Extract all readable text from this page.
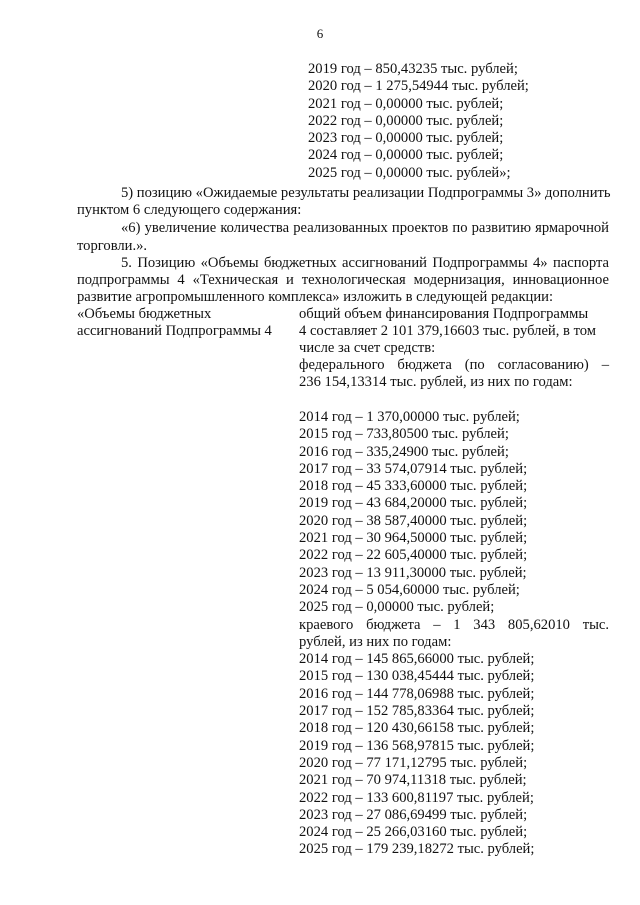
6
2019 год – 850,43235 тыс. рублей;
2020 год – 1 275,54944 тыс. рублей;
2021 год – 0,00000 тыс. рублей;
2022 год – 0,00000 тыс. рублей;
2023 год – 0,00000 тыс. рублей;
2024 год – 0,00000 тыс. рублей;
2025 год – 0,00000 тыс. рублей»;
5) позицию «Ожидаемые результаты реализации Подпрограммы 3» дополнить
пунктом 6 следующего содержания:
«6) увеличение количества реализованных проектов по развитию ярмарочной
торговли.».
5. Позицию «Объемы бюджетных ассигнований Подпрограммы 4» паспорта
подпрограммы 4 «Техническая и технологическая модернизация, инновационное
развитие агропромышленного комплекса» изложить в следующей редакции:
«Объемы бюджетных
ассигнований Подпрограммы 4
общий объем финансирования Подпрограммы
4 составляет 2 101 379,16603 тыс. рублей, в том
числе за счет средств:
федерального бюджета (по согласованию) –
236 154,13314 тыс. рублей, из них по годам:
2014 год – 1 370,00000 тыс. рублей;
2015 год – 733,80500 тыс. рублей;
2016 год – 335,24900 тыс. рублей;
2017 год – 33 574,07914 тыс. рублей;
2018 год – 45 333,60000 тыс. рублей;
2019 год – 43 684,20000 тыс. рублей;
2020 год – 38 587,40000 тыс. рублей;
2021 год – 30 964,50000 тыс. рублей;
2022 год – 22 605,40000 тыс. рублей;
2023 год – 13 911,30000 тыс. рублей;
2024 год – 5 054,60000 тыс. рублей;
2025 год – 0,00000 тыс. рублей;
краевого бюджета – 1 343 805,62010 тыс.
рублей, из них по годам:
2014 год – 145 865,66000 тыс. рублей;
2015 год – 130 038,45444 тыс. рублей;
2016 год – 144 778,06988 тыс. рублей;
2017 год – 152 785,83364 тыс. рублей;
2018 год – 120 430,66158 тыс. рублей;
2019 год – 136 568,97815 тыс. рублей;
2020 год – 77 171,12795 тыс. рублей;
2021 год – 70 974,11318 тыс. рублей;
2022 год – 133 600,81197 тыс. рублей;
2023 год – 27 086,69499 тыс. рублей;
2024 год – 25 266,03160 тыс. рублей;
2025 год – 179 239,18272 тыс. рублей;
